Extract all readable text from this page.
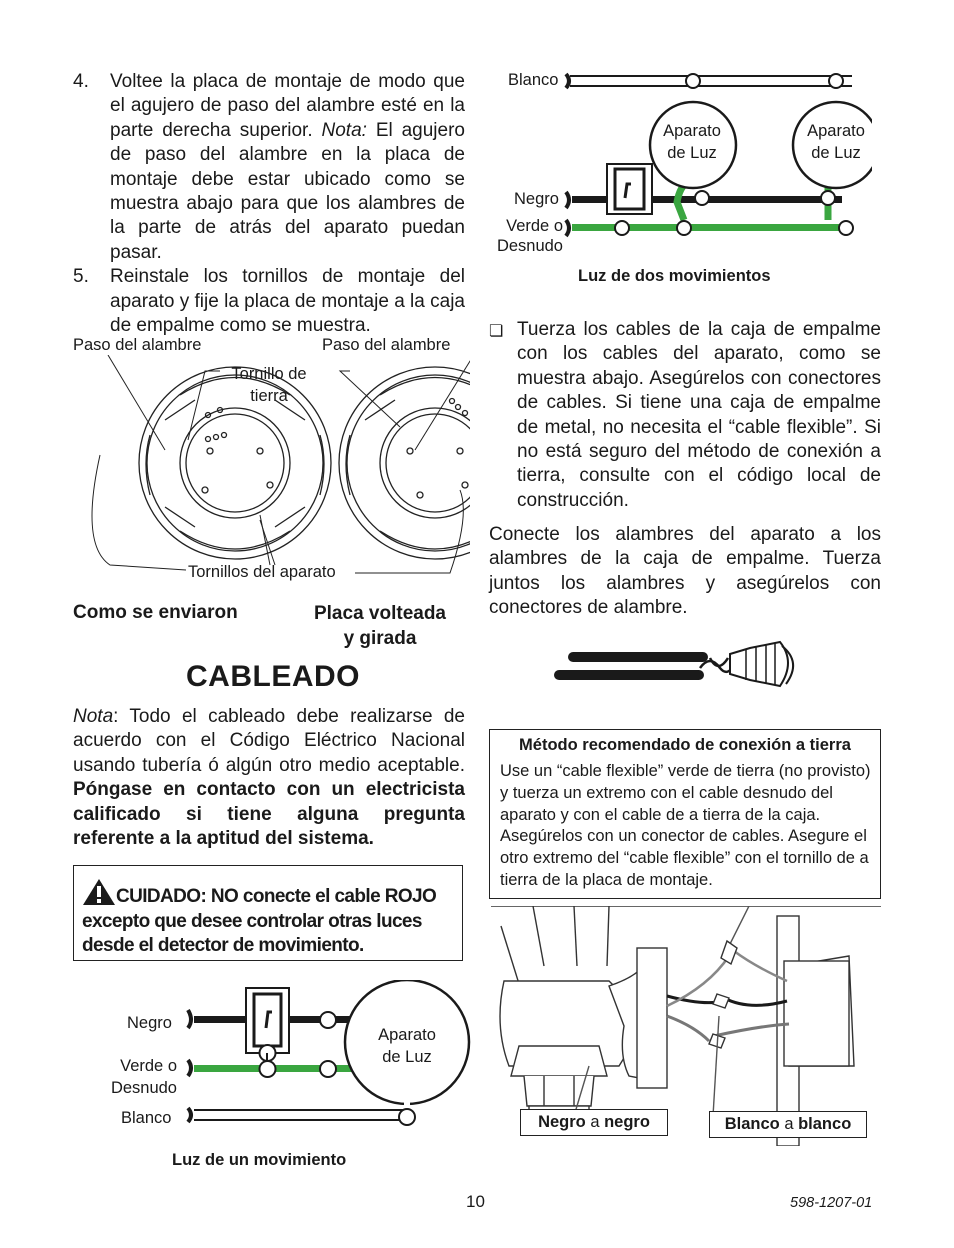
4. Voltee la placa de montaje de modo que el agujero de paso del alambre esté en la parte derecha superior. Nota: El agujero de paso del alambre en la placa de montaje debe estar ubicado como se muestra abajo para que los alambres de la parte de atrás del aparato puedan pasar.
5. Reinstale los tornillos de montaje del aparato y fije la placa de montaje a la caja de empalme como se muestra.
Paso del alambre	Paso del alambre
Tornillo de tierra
Tornillos del aparato
Como se enviaron	Placa volteada
y girada
CABLEADO
Nota: Todo el cableado debe realizarse de acuerdo con el Código Eléctrico Nacional usando tubería ó algún otro medio aceptable. Póngase en contacto con un electricista calificado si tiene alguna pregunta referente a la aptitud del sistema.
CUIDADO: NO conecte el cable ROJO excepto que desee controlar otras luces desde el detector de movimiento.
Negro
Verde o
Desnudo
Blanco
Aparato
de Luz
Luz de un movimiento
Blanco
Negro
Verde o
Desnudo
Aparato
de Luz
Aparato
de Luz
Luz de dos movimientos
❏ Tuerza los cables de la caja de empalme con los cables del aparato, como se muestra abajo. Asegúrelos con conectores de cables. Si tiene una caja de empalme de metal, no necesita el “cable flexible”. Si no está seguro del método de conexión a tierra, consulte con el código local de construcción.
Conecte los alambres del aparato a los alambres de la caja de empalme. Tuerza juntos los alambres y asegúrelos con conectores de alambre.
Método recomendado de conexión a tierra
Use un “cable flexible” verde de tierra (no provisto) y tuerza un extremo con el cable desnudo del aparato y con el cable de a tierra de la caja. Asegúrelos con un conector de cables. Asegure el otro extremo del “cable flexible” con el tornillo de a tierra de la placa de montaje.
Negro a negro	Blanco a blanco
10	598-1207-01
